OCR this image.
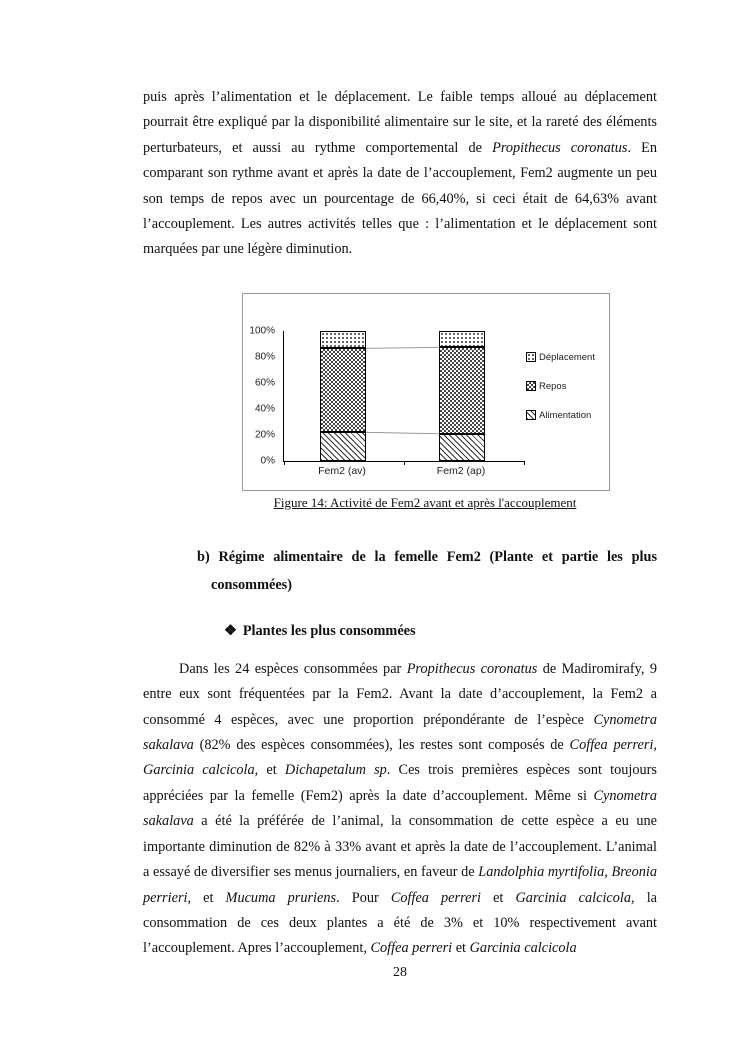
puis après l’alimentation et le déplacement. Le faible temps alloué au déplacement pourrait être expliqué par la disponibilité alimentaire sur le site, et la rareté des éléments perturbateurs, et aussi au rythme comportemental de Propithecus coronatus. En comparant son rythme avant et après la date de l’accouplement, Fem2 augmente un peu son temps de repos avec un pourcentage de 66,40%, si ceci était de 64,63% avant l’accouplement. Les autres activités telles que : l’alimentation et le déplacement sont marquées par une légère diminution.

100%
80%
60%
40%
20%
0%
Fem2 (av)	Fem2 (ap)
Déplacement
Repos
Alimentation
Figure 14: Activité de Fem2 avant et après l'accouplement
b) Régime alimentaire de la femelle Fem2 (Plante et partie les plus consommées)
❖ Plantes les plus consommées

Dans les 24 espèces consommées par Propithecus coronatus de Madiromirafy, 9 entre eux sont fréquentées par la Fem2. Avant la date d’accouplement, la Fem2 a consommé 4 espèces, avec une proportion prépondérante de l’espèce Cynometra sakalava (82% des espèces consommées), les restes sont composés de Coffea perreri, Garcinia calcicola, et Dichapetalum sp. Ces trois premières espèces sont toujours appréciées par la femelle (Fem2) après la date d’accouplement. Même si Cynometra sakalava a été la préférée de l’animal, la consommation de cette espèce a eu une importante diminution de 82% à 33% avant et après la date de l’accouplement. L’animal a essayé de diversifier ses menus journaliers, en faveur de Landolphia myrtifolia, Breonia perrieri, et Mucuma pruriens. Pour Coffea perreri et Garcinia calcicola, la consommation de ces deux plantes a été de 3% et 10% respectivement avant l’accouplement. Apres l’accouplement, Coffea perreri et Garcinia calcicola

28
